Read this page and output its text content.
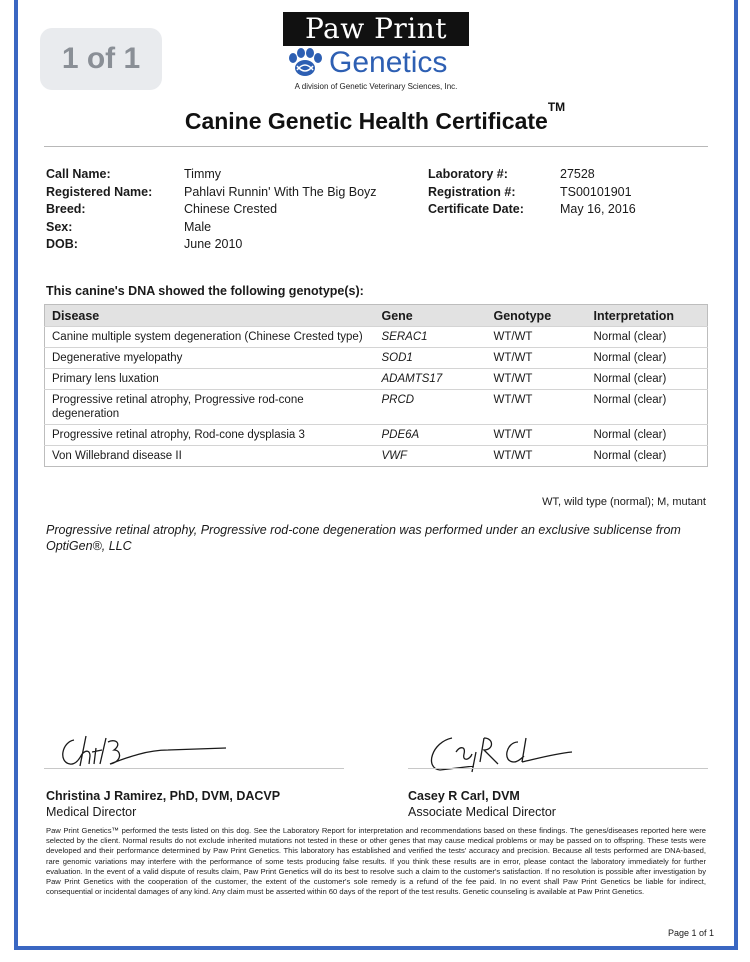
1 of 1
Paw Print
Genetics
A division of Genetic Veterinary Sciences, Inc.
Canine Genetic Health Certificate™
Call Name:	Timmy
Registered Name:	Pahlavi Runnin' With The Big Boyz
Breed:	Chinese Crested
Sex:	Male
DOB:	June 2010
Laboratory #:	27528
Registration #:	TS00101901
Certificate Date:	May 16, 2016
This canine's DNA showed the following genotype(s):
Disease	Gene	Genotype	Interpretation
Canine multiple system degeneration (Chinese Crested type)	SERAC1	WT/WT	Normal (clear)
Degenerative myelopathy	SOD1	WT/WT	Normal (clear)
Primary lens luxation	ADAMTS17	WT/WT	Normal (clear)
Progressive retinal atrophy, Progressive rod-cone degeneration	PRCD	WT/WT	Normal (clear)
Progressive retinal atrophy, Rod-cone dysplasia 3	PDE6A	WT/WT	Normal (clear)
Von Willebrand disease II	VWF	WT/WT	Normal (clear)
WT, wild type (normal); M, mutant
Progressive retinal atrophy, Progressive rod-cone degeneration was performed under an exclusive sublicense from OptiGen®, LLC
Christina J Ramirez, PhD, DVM, DACVP
Medical Director
Casey R Carl, DVM
Associate Medical Director
Paw Print Genetics™ performed the tests listed on this dog. See the Laboratory Report for interpretation and recommendations based on these findings. The genes/diseases reported here were selected by the client. Normal results do not exclude inherited mutations not tested in these or other genes that may cause medical problems or may be passed on to offspring. These tests were developed and their performance determined by Paw Print Genetics. This laboratory has established and verified the tests' accuracy and precision. Because all tests performed are DNA-based, rare genomic variations may interfere with the performance of some tests producing false results. If you think these results are in error, please contact the laboratory immediately for further evaluation. In the event of a valid dispute of results claim, Paw Print Genetics will do its best to resolve such a claim to the customer's satisfaction. If no resolution is possible after investigation by Paw Print Genetics with the cooperation of the customer, the extent of the customer's sole remedy is a refund of the fee paid. In no event shall Paw Print Genetics be liable for indirect, consequential or incidental damages of any kind. Any claim must be asserted within 60 days of the report of the test results. Genetic counseling is available at Paw Print Genetics.
Page 1 of 1
